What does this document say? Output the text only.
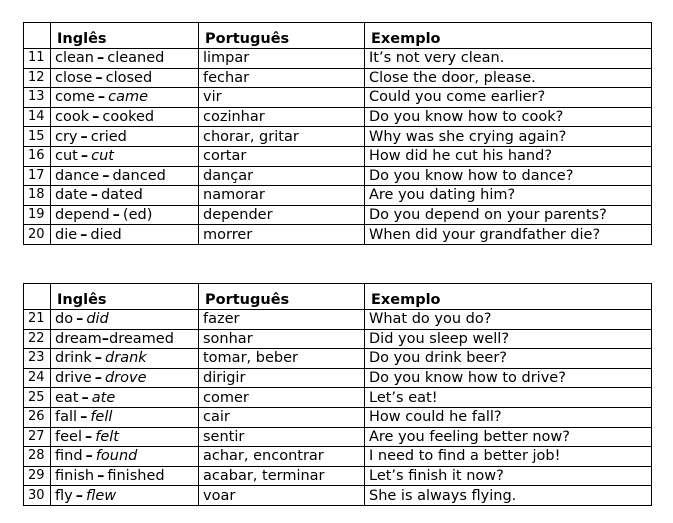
	Inglês	Português	Exemplo
11	clean – cleaned	limpar	It’s not very clean.
12	close – closed	fechar	Close the door, please.
13	come – came	vir	Could you come earlier?
14	cook – cooked	cozinhar	Do you know how to cook?
15	cry – cried	chorar, gritar	Why was she crying again?
16	cut – cut	cortar	How did he cut his hand?
17	dance – danced	dançar	Do you know how to dance?
18	date – dated	namorar	Are you dating him?
19	depend – (ed)	depender	Do you depend on your parents?
20	die – died	morrer	When did your grandfather die?
	Inglês	Português	Exemplo
21	do – did	fazer	What do you do?
22	dream–dreamed	sonhar	Did you sleep well?
23	drink – drank	tomar, beber	Do you drink beer?
24	drive – drove	dirigir	Do you know how to drive?
25	eat – ate	comer	Let’s eat!
26	fall – fell	cair	How could he fall?
27	feel – felt	sentir	Are you feeling better now?
28	find – found	achar, encontrar	I need to find a better job!
29	finish – finished	acabar, terminar	Let’s finish it now?
30	fly – flew	voar	She is always flying.
